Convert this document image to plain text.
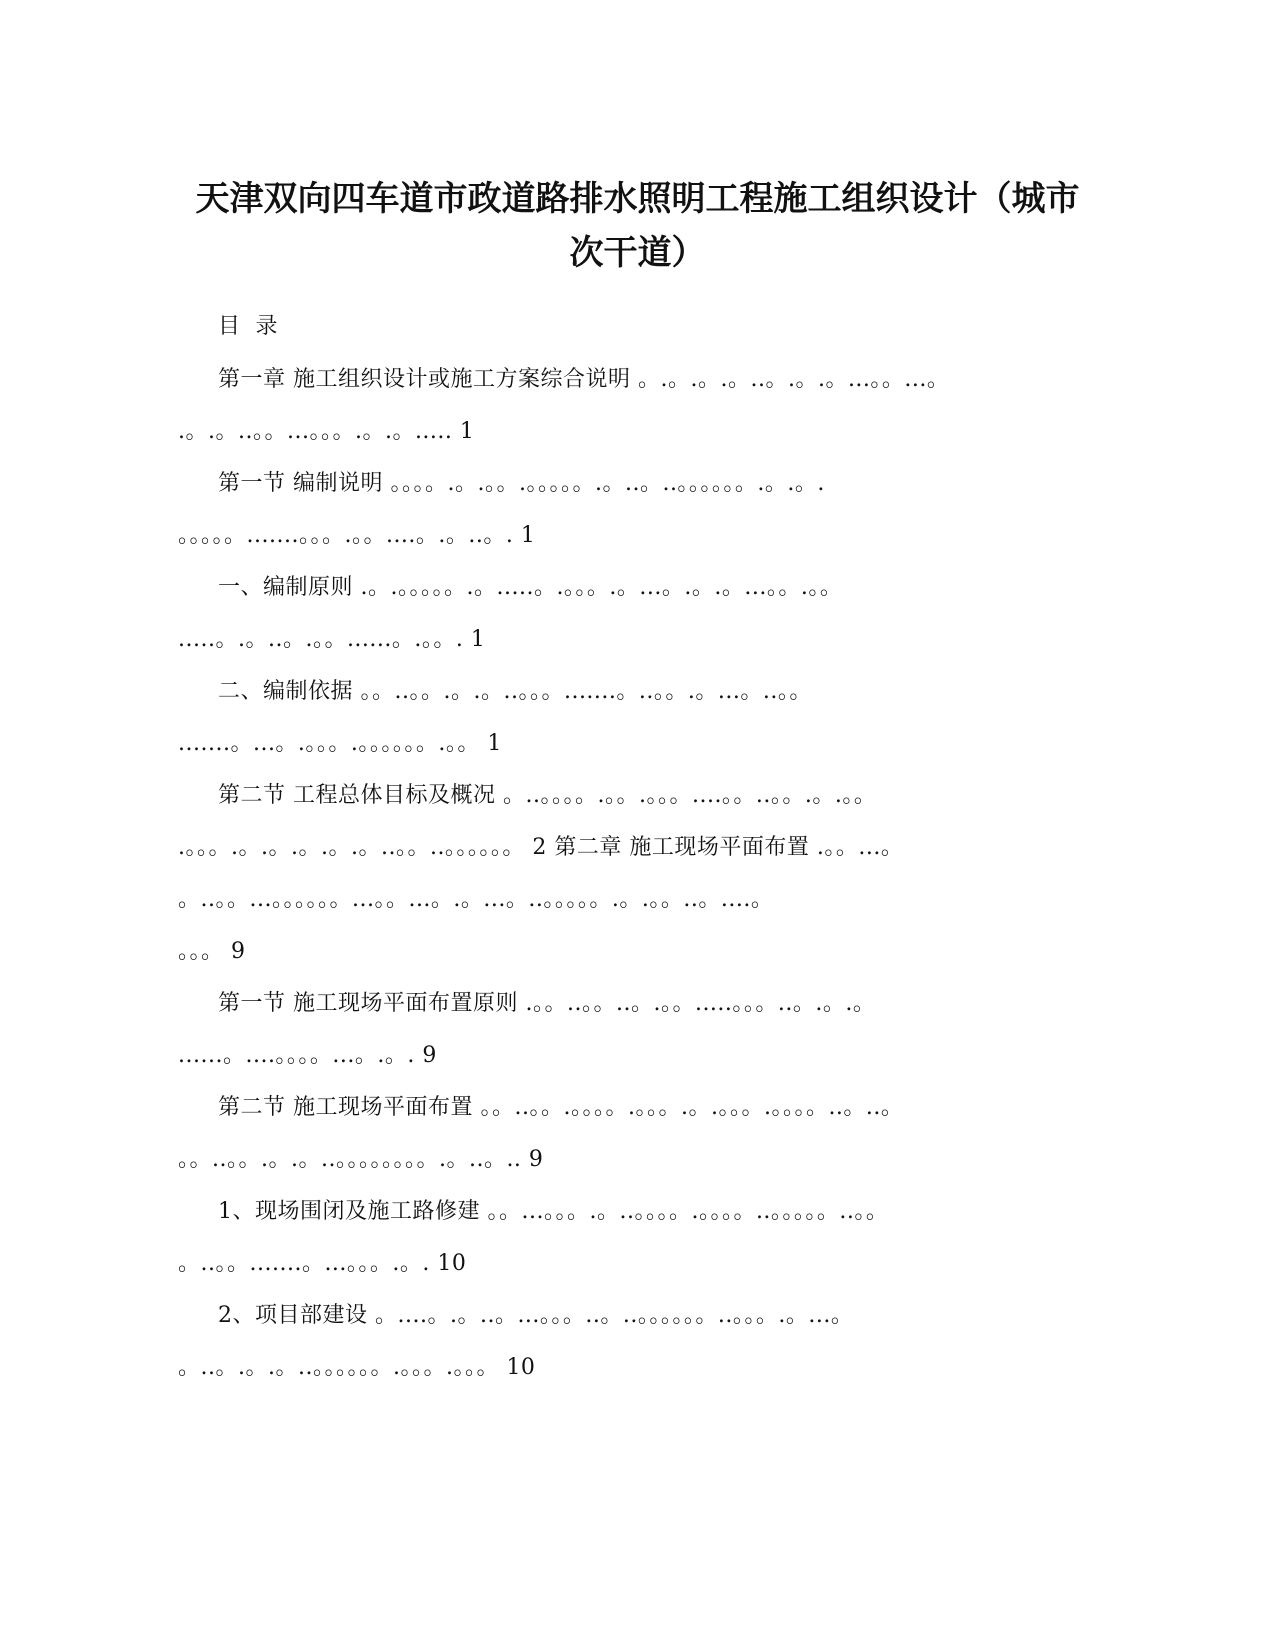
天津双向四车道市政道路排水照明工程施工组织设计（城市
次干道）
目  录
第一章 施工组织设计或施工方案综合说明 。.。.。.。..。.。.。...。。...。
.。.。..。。...。。。.。.。..... 1
第一节 编制说明 。。。。.。.。。.。。。。。.。..。..。。。。。。.。.。.
。。。。。.......。。。.。。....。.。..。. 1
一、编制原则 .。.。。。。。.。.....。.。。。.。...。.。.。...。。.。。
.....。.。..。.。。......。.。。. 1
二、编制依据 。。..。。.。.。..。。。.......。..。。.。...。..。。
.......。...。.。。。.。。。。。。.。。 1
第二节 工程总体目标及概况 。..。。。。.。。.。。。....。。..。。.。.。。
.。。。.。.。.。.。.。..。。..。。。。。。 2 第二章 施工现场平面布置 .。。...。
。..。。...。。。。。。...。。...。.。...。..。。。。。.。.。。..。....。
。。。 9
第一节 施工现场平面布置原则 .。。..。。..。.。。.....。。。..。.。.。
......。....。。。。...。.。. 9
第二节 施工现场平面布置 。。..。。.。。。。.。。。.。.。。。.。。。。..。..。
。。..。。.。.。..。。。。。。。。.。..。.. 9
1、现场围闭及施工路修建 。。...。。。.。..。。。。.。。。。..。。。。。..。。
。..。。.......。...。。。.。. 10
2、项目部建设 。....。.。..。...。。。..。..。。。。。。..。。。.。...。
。..。.。.。..。。。。。。.。。。.。。。 10
